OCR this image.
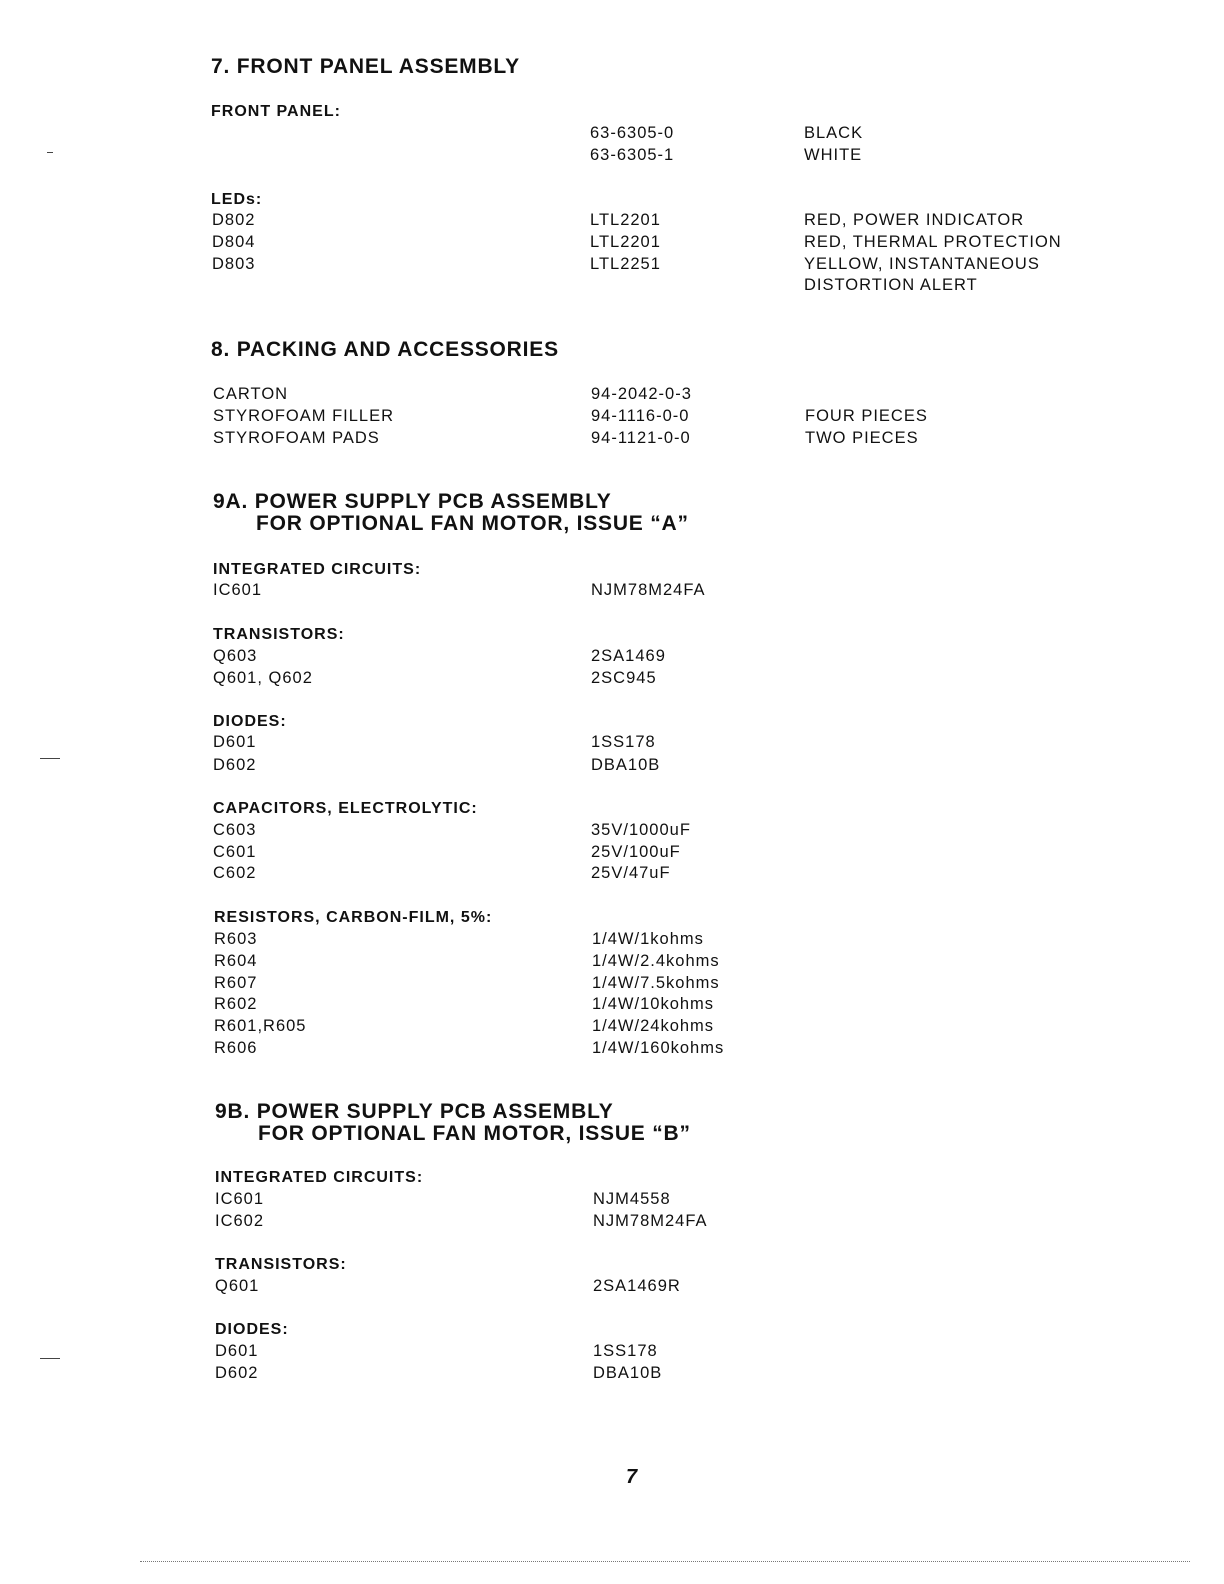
7. FRONT PANEL ASSEMBLY
FRONT PANEL:
63-6305-0	BLACK
63-6305-1	WHITE
LEDs:
D802	LTL2201	RED, POWER INDICATOR
D804	LTL2201	RED, THERMAL PROTECTION
D803	LTL2251	YELLOW, INSTANTANEOUS
DISTORTION ALERT
8. PACKING AND ACCESSORIES
CARTON	94-2042-0-3
STYROFOAM FILLER	94-1116-0-0	FOUR PIECES
STYROFOAM PADS	94-1121-0-0	TWO PIECES
9A. POWER SUPPLY PCB ASSEMBLY
FOR OPTIONAL FAN MOTOR, ISSUE “A”
INTEGRATED CIRCUITS:
IC601	NJM78M24FA
TRANSISTORS:
Q603	2SA1469
Q601, Q602	2SC945
DIODES:
D601	1SS178
D602	DBA10B
CAPACITORS, ELECTROLYTIC:
C603	35V/1000uF
C601	25V/100uF
C602	25V/47uF
RESISTORS, CARBON-FILM, 5%:
R603	1/4W/1kohms
R604	1/4W/2.4kohms
R607	1/4W/7.5kohms
R602	1/4W/10kohms
R601,R605	1/4W/24kohms
R606	1/4W/160kohms
9B. POWER SUPPLY PCB ASSEMBLY
FOR OPTIONAL FAN MOTOR, ISSUE “B”
INTEGRATED CIRCUITS:
IC601	NJM4558
IC602	NJM78M24FA
TRANSISTORS:
Q601	2SA1469R
DIODES:
D601	1SS178
D602	DBA10B
7
